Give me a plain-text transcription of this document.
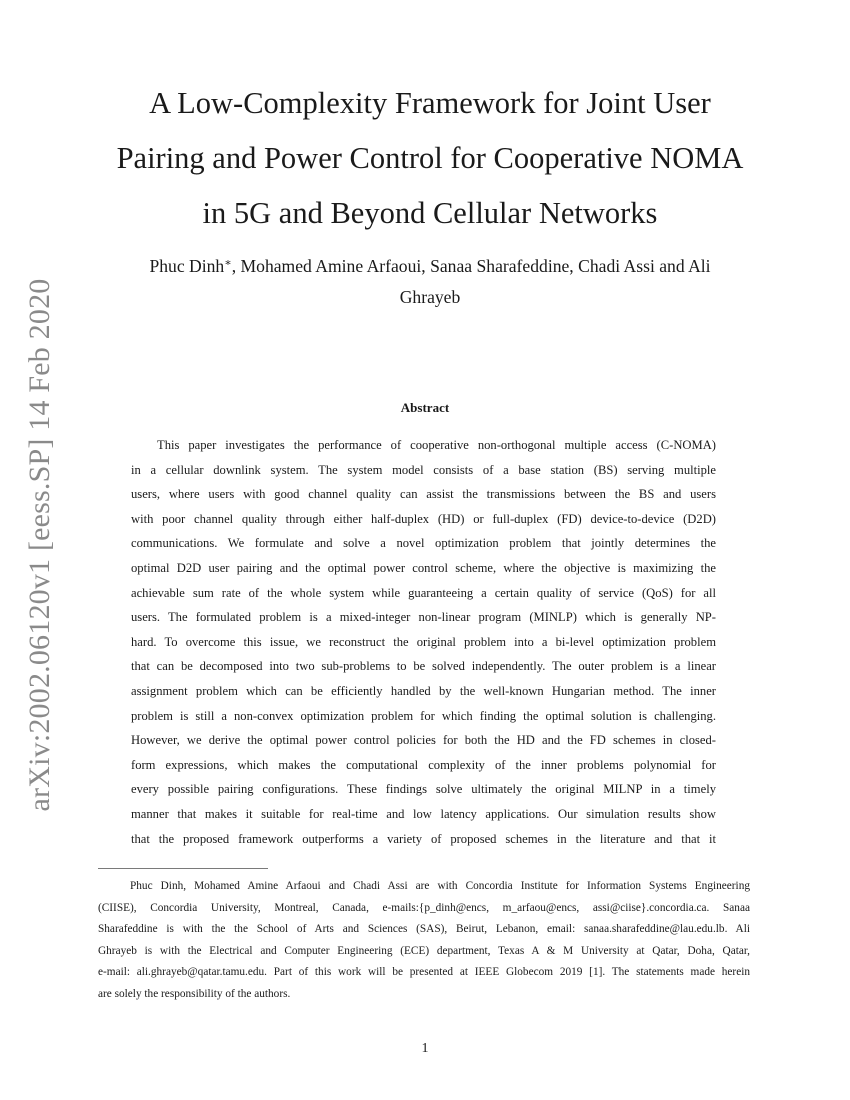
arXiv:2002.06120v1 [eess.SP] 14 Feb 2020
A Low-Complexity Framework for Joint User
Pairing and Power Control for Cooperative NOMA
in 5G and Beyond Cellular Networks

Phuc Dinh∗, Mohamed Amine Arfaoui, Sanaa Sharafeddine, Chadi Assi and Ali
Ghrayeb

Abstract
This paper investigates the performance of cooperative non-orthogonal multiple access (C-NOMA)
in a cellular downlink system. The system model consists of a base station (BS) serving multiple
users, where users with good channel quality can assist the transmissions between the BS and users
with poor channel quality through either half-duplex (HD) or full-duplex (FD) device-to-device (D2D)
communications. We formulate and solve a novel optimization problem that jointly determines the
optimal D2D user pairing and the optimal power control scheme, where the objective is maximizing the
achievable sum rate of the whole system while guaranteeing a certain quality of service (QoS) for all
users. The formulated problem is a mixed-integer non-linear program (MINLP) which is generally NP-
hard. To overcome this issue, we reconstruct the original problem into a bi-level optimization problem
that can be decomposed into two sub-problems to be solved independently. The outer problem is a linear
assignment problem which can be efficiently handled by the well-known Hungarian method. The inner
problem is still a non-convex optimization problem for which finding the optimal solution is challenging.
However, we derive the optimal power control policies for both the HD and the FD schemes in closed-
form expressions, which makes the computational complexity of the inner problems polynomial for
every possible pairing configurations. These findings solve ultimately the original MILNP in a timely
manner that makes it suitable for real-time and low latency applications. Our simulation results show
that the proposed framework outperforms a variety of proposed schemes in the literature and that it
Phuc Dinh, Mohamed Amine Arfaoui and Chadi Assi are with Concordia Institute for Information Systems Engineering
(CIISE), Concordia University, Montreal, Canada, e-mails:{p_dinh@encs, m_arfaou@encs, assi@ciise}.concordia.ca. Sanaa
Sharafeddine is with the the School of Arts and Sciences (SAS), Beirut, Lebanon, email: sanaa.sharafeddine@lau.edu.lb. Ali
Ghrayeb is with the Electrical and Computer Engineering (ECE) department, Texas A & M University at Qatar, Doha, Qatar,
e-mail: ali.ghrayeb@qatar.tamu.edu. Part of this work will be presented at IEEE Globecom 2019 [1]. The statements made herein
are solely the responsibility of the authors.
1
